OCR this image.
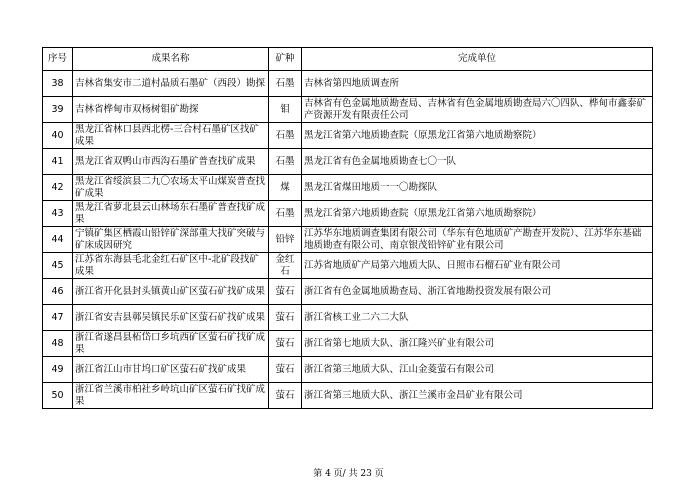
序号	成果名称	矿种	完成单位
38	吉林省集安市二道村晶质石墨矿（西段）勘探	石墨	吉林省第四地质调查所
39	吉林省桦甸市双杨树钼矿勘探	钼	吉林省有色金属地质勘查局、吉林省有色金属地质勘查局六〇四队、桦甸市鑫泰矿产资源开发有限责任公司
40	黑龙江省林口县西北楞-三合村石墨矿区找矿成果	石墨	黑龙江省第六地质勘查院（原黑龙江省第六地质勘察院）
41	黑龙江省双鸭山市西沟石墨矿普查找矿成果	石墨	黑龙江省有色金属地质勘查七〇一队
42	黑龙江省绥滨县二九〇农场太平山煤炭普查找矿成果	煤	黑龙江省煤田地质一一〇勘探队
43	黑龙江省萝北县云山林场东石墨矿普查找矿成果	石墨	黑龙江省第六地质勘查院（原黑龙江省第六地质勘察院）
44	宁镇矿集区栖霞山铅锌矿深部重大找矿突破与矿床成因研究	铅锌	江苏华东地质调查集团有限公司（华东有色地质矿产勘查开发院）、江苏华东基础地质勘查有限公司、南京银茂铅锌矿业有限公司
45	江苏省东海县毛北金红石矿区中-北矿段找矿成果	金红石	江苏省地质矿产局第六地质大队、日照市石榴石矿业有限公司
46	浙江省开化县封头镇黄山矿区萤石矿找矿成果	萤石	浙江省有色金属地质勘查局、浙江省地勘投资发展有限公司
47	浙江省安吉县鄣吴镇民乐矿区萤石矿找矿成果	萤石	浙江省核工业二六二大队
48	浙江省遂昌县柘岱口乡坑西矿区萤石矿找矿成果	萤石	浙江省第七地质大队、浙江隆兴矿业有限公司
49	浙江省江山市甘坞口矿区萤石矿找矿成果	萤石	浙江省第三地质大队、江山金菱萤石有限公司
50	浙江省兰溪市柏社乡岭坑山矿区萤石矿找矿成果	萤石	浙江省第三地质大队、浙江兰溪市金昌矿业有限公司
第 4 页/ 共 23 页
